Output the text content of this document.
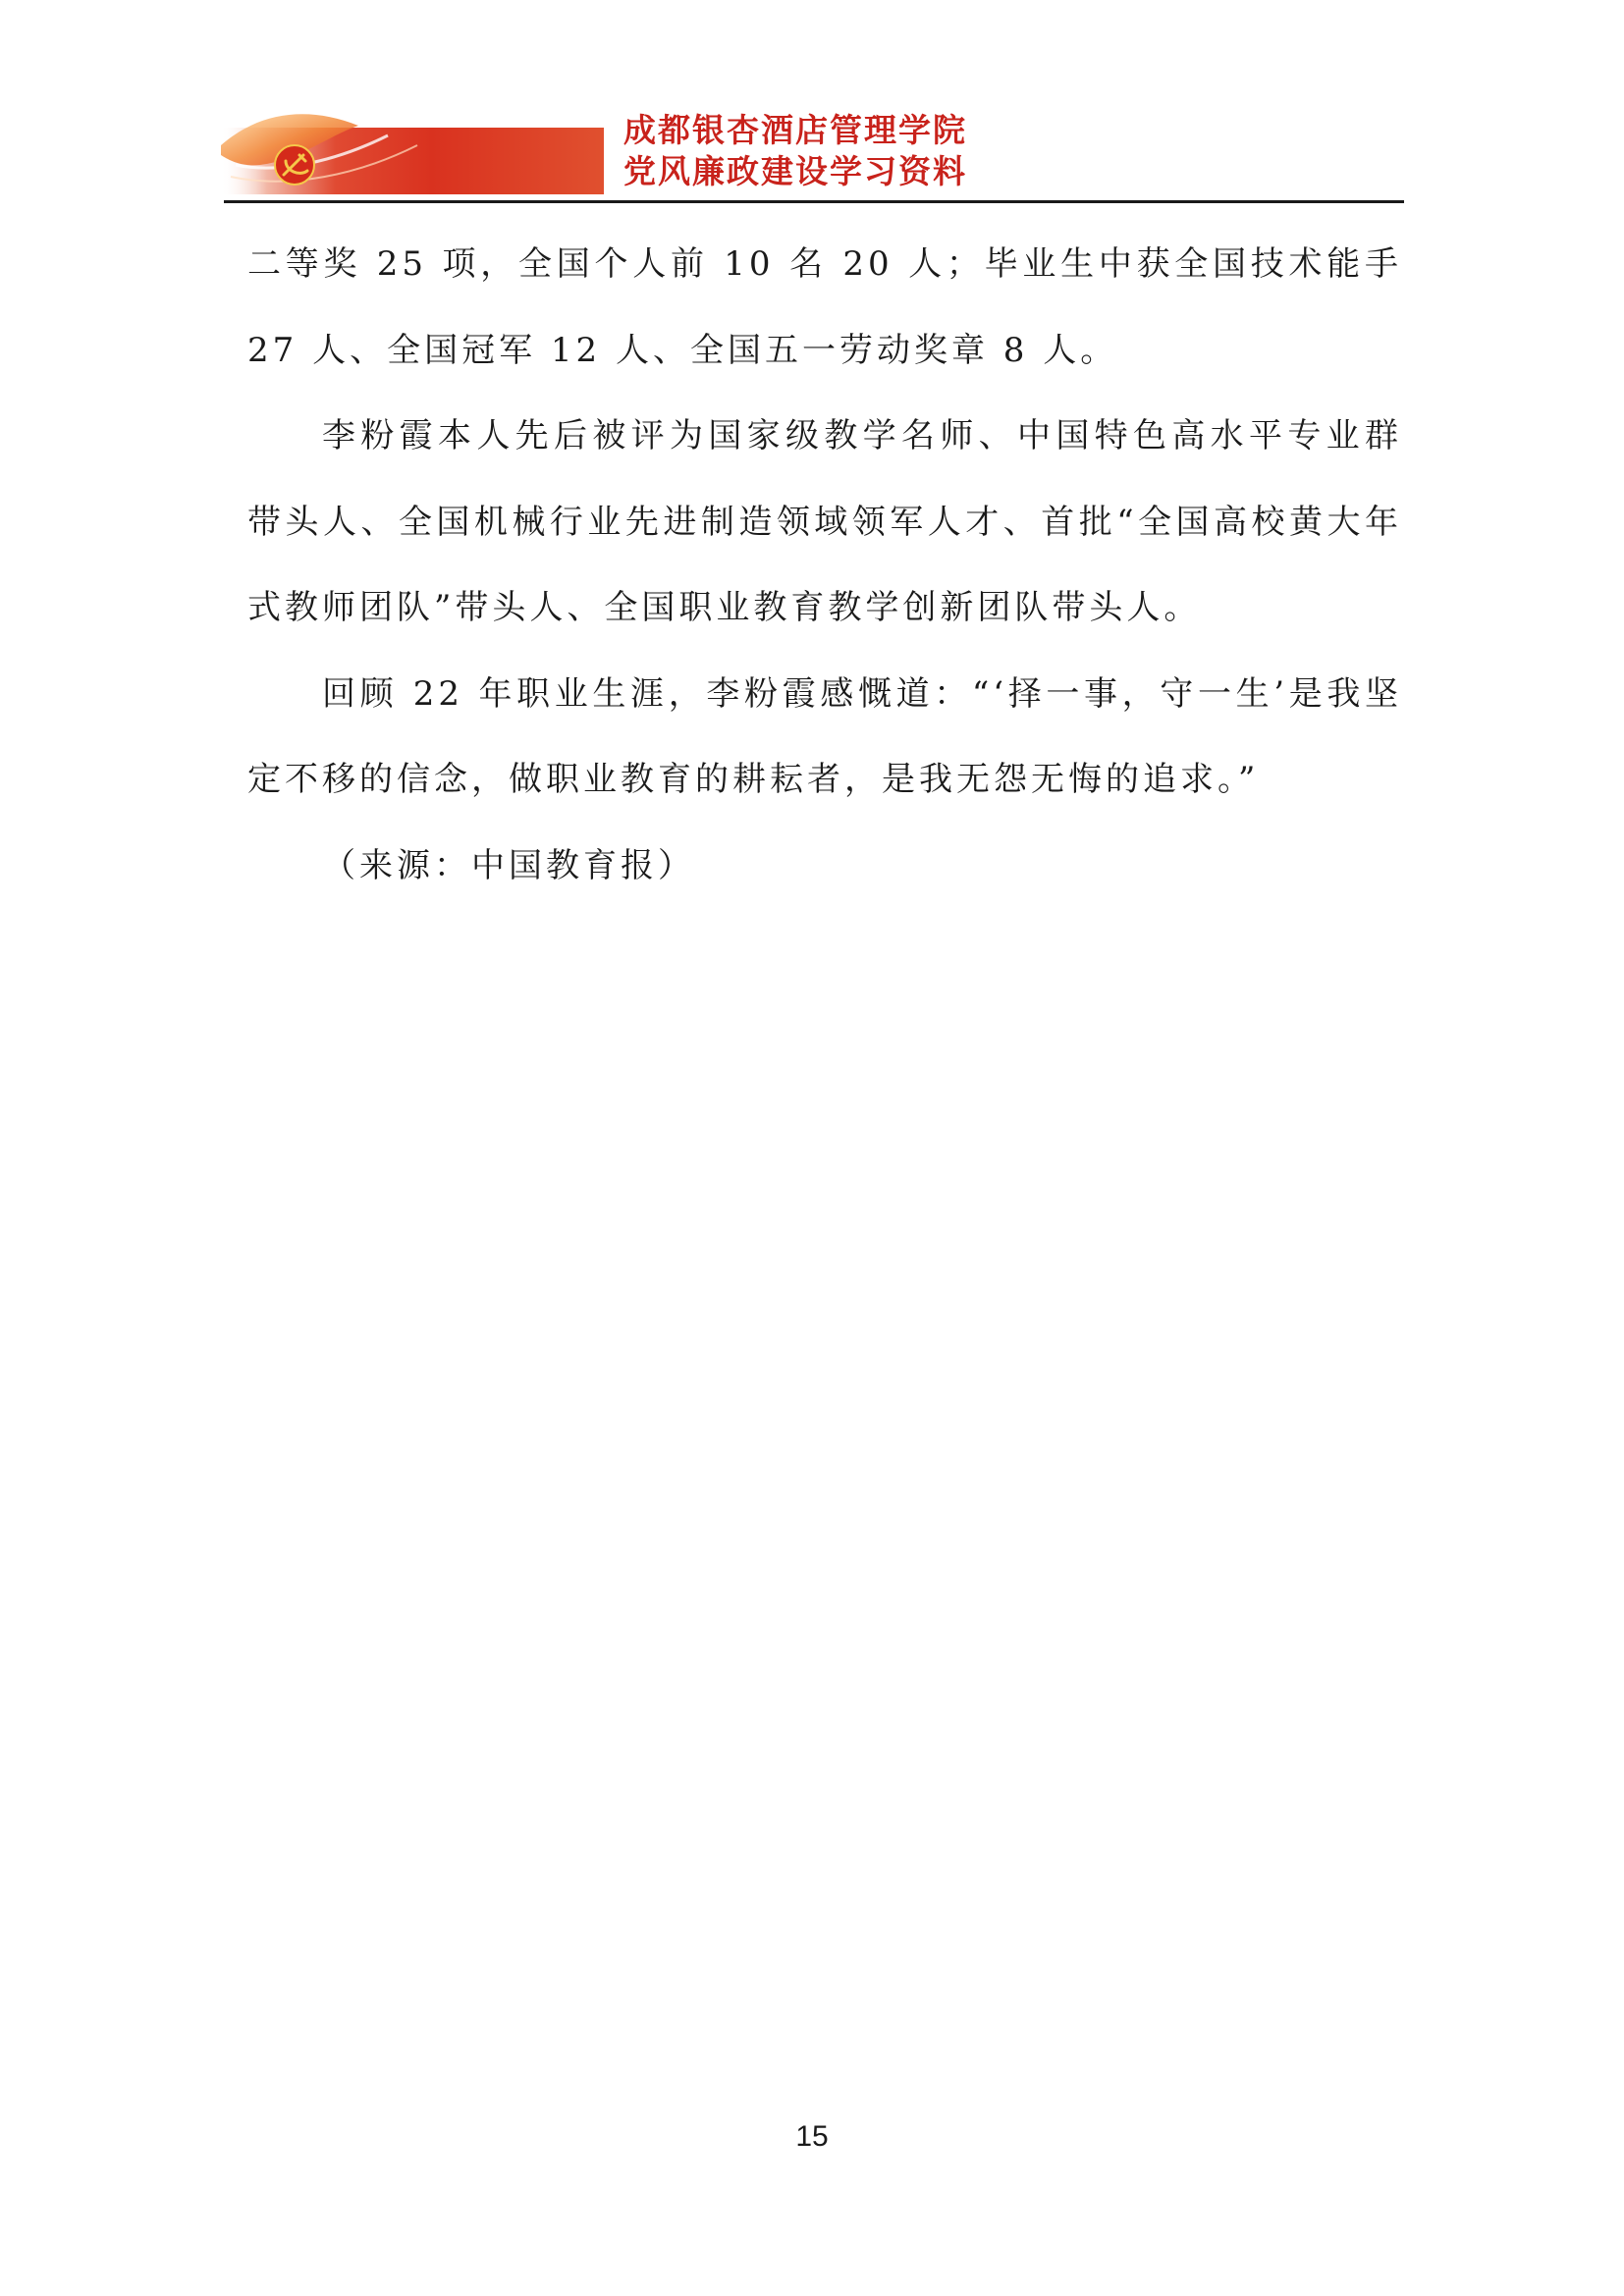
成都银杏酒店管理学院
党风廉政建设学习资料

二等奖 25 项，全国个人前 10 名 20 人；毕业生中获全国技术能手 27 人、全国冠军 12 人、全国五一劳动奖章 8 人。

李粉霞本人先后被评为国家级教学名师、中国特色高水平专业群带头人、全国机械行业先进制造领域领军人才、首批“全国高校黄大年式教师团队”带头人、全国职业教育教学创新团队带头人。

回顾 22 年职业生涯，李粉霞感慨道：“‘择一事，守一生’是我坚定不移的信念，做职业教育的耕耘者，是我无怨无悔的追求。”

（来源：中国教育报）

15
